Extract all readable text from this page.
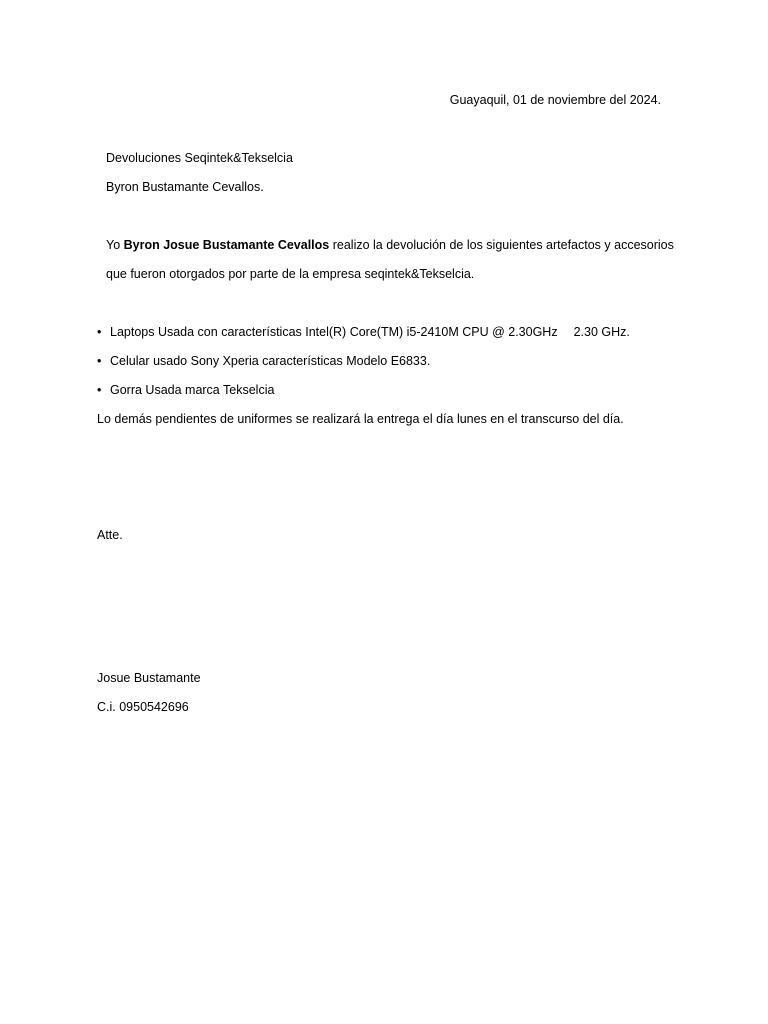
Guayaquil, 01 de noviembre del 2024.
Devoluciones Seqintek&Tekselcia
Byron Bustamante Cevallos.
Yo Byron Josue Bustamante Cevallos realizo la devolución de los siguientes artefactos y accesorios
que fueron otorgados por parte de la empresa seqintek&Tekselcia.
• Laptops Usada con características Intel(R) Core(TM) i5-2410M CPU @ 2.30GHz 2.30 GHz.
• Celular usado Sony Xperia características Modelo E6833.
• Gorra Usada marca Tekselcia
Lo demás pendientes de uniformes se realizará la entrega el día lunes en el transcurso del día.
Atte.
Josue Bustamante
C.i. 0950542696
